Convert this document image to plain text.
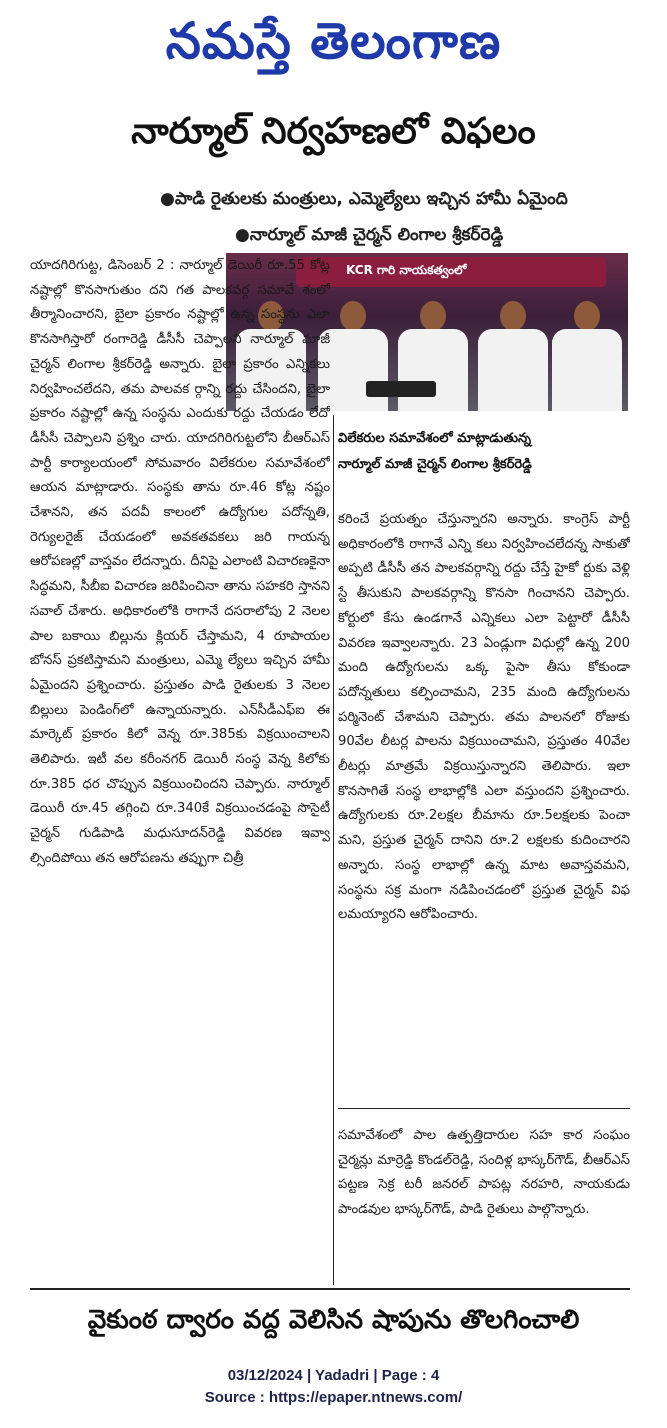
నమస్తే తెలంగాణ
నార్మూల్ నిర్వహణలో విఫలం
●పాడి రైతులకు మంత్రులు, ఎమ్మెల్యేలు ఇచ్చిన హామీ ఏమైంది
●నార్మూల్ మాజీ చైర్మన్ లింగాల శ్రీకర్‌రెడ్డి
KCR గారి నాయకత్వంలో
విలేకరుల సమావేశంలో మాట్లాడుతున్న
నార్మూల్ మాజీ చైర్మన్ లింగాల శ్రీకర్‌రెడ్డి
యాదగిరిగుట్ట, డిసెంబర్ 2 : నార్మూల్ డెయిరీ రూ.55 కోట్ల నష్టాల్లో కొనసాగుతుం దని గత పాలకవర్గ సమావే శంలో తీర్మానించారని, బైలా ప్రకారం నష్టాల్లో ఉన్న సంస్థను ఎలా కొనసాగిస్తారో రంగారెడ్డి డీసీసీ చెప్పాలని నార్మూల్ మాజీ చైర్మన్ లింగాల శ్రీకర్‌రెడ్డి అన్నారు. బైలా ప్రకారం ఎన్నికలు నిర్వహించలేదని, తమ పాలవక ర్గాన్ని రద్దు చేసిందని, బైలా ప్రకారం నష్టాల్లో ఉన్న సంస్థను ఎందుకు రద్దు చేయడం లేదో డీసీసీ చెప్పాలని ప్రశ్నిం చారు. యాదగిరిగుట్టలోని బీఆర్ఎస్ పార్టీ కార్యాలయంలో సోమవారం విలేకరుల సమావేశంలో ఆయన మాట్లాడారు. సంస్థకు తాను రూ.46 కోట్ల నష్టం చేశానని, తన పదవీ కాలంలో ఉద్యోగుల పదోన్నతి, రెగ్యులరైజ్ చేయడంలో అవకతవకలు జరి గాయన్న ఆరోపణల్లో వాస్తవం లేదన్నారు. దీనిపై ఎలాంటి విచారణకైనా సిద్ధమని, సీబీఐ విచారణ జరిపించినా తాను సహకరి స్తానని సవాల్ చేశారు. అధికారంలోకి రాగానే దసరాలోపు 2 నెలల పాల బకాయి బిల్లును క్లియర్ చేస్తామని, 4 రూపాయల బోనస్ ప్రకటిస్తామని మంత్రులు, ఎమ్మె ల్యేలు ఇచ్చిన హామీ ఏమైందని ప్రశ్నించారు. ప్రస్తుతం పాడి రైతులకు 3 నెలల బిల్లులు పెండింగ్‌లో ఉన్నాయన్నారు. ఎన్‌సీడీఎఫ్ఐ ఈ మార్కెట్ ప్రకారం కిలో వెన్న రూ.385కు విక్రయించాలని తెలిపారు. ఇటీ వల కరీంనగర్ డెయిరీ సంస్థ వెన్న కిలోకు రూ.385 ధర చొప్పున విక్రయించిందని చెప్పారు. నార్మూల్ డెయిరీ రూ.45 తగ్గించి రూ.340కే విక్రయించడంపై సొసైటీ చైర్మన్ గుడిపాడి మధుసూదన్‌రెడ్డి వివరణ ఇవ్వా ల్సిందిపోయి తన ఆరోపణను తప్పుగా చిత్రీ
కరించే ప్రయత్నం చేస్తున్నారని అన్నారు. కాంగ్రెస్ పార్టీ అధికారంలోకి రాగానే ఎన్ని కలు నిర్వహించలేదన్న సాకుతో అప్పటి డీసీసీ తన పాలకవర్గాన్ని రద్దు చేస్తే హైకో ర్టుకు వెళ్లి స్టే తీసుకుని పాలకవర్గాన్ని కొనసా గించానని చెప్పారు. కోర్టులో కేసు ఉండగానే ఎన్నికలు ఎలా పెట్టారో డీసీసీ వివరణ ఇవ్వాలన్నారు. 23 ఏండ్లుగా విధుల్లో ఉన్న 200 మంది ఉద్యోగులను ఒక్క పైసా తీసు కోకుండా పదోన్నతులు కల్పించామని, 235 మంది ఉద్యోగులను పర్మినెంట్ చేశామని చెప్పారు. తమ పాలనలో రోజుకు 90వేల లీటర్ల పాలను విక్రయించామని, ప్రస్తుతం 40వేల లీటర్లు మాత్రమే విక్రయిస్తున్నారని తెలిపారు. ఇలా కొనసాగితే సంస్థ లాభాల్లోకి ఎలా వస్తుందని ప్రశ్నించారు. ఉద్యోగులకు రూ.2లక్షల బీమాను రూ.5లక్షలకు పెంచా మని, ప్రస్తుత చైర్మన్ దానిని రూ.2 లక్షలకు కుదించారని అన్నారు. సంస్థ లాభాల్లో ఉన్న మాట అవాస్తవమని, సంస్థను సక్ర మంగా నడిపించడంలో ప్రస్తుత చైర్మన్ విఫ లమయ్యారని ఆరోపించారు.
సమావేశంలో పాల ఉత్పత్తిదారుల సహ కార సంఘం చైర్మన్లు మార్రెడ్డి కొండల్‌రెడ్డి, సందిళ్ల భాస్కర్‌గౌడ్, బీఆర్ఎస్ పట్టణ సెక్ర టరీ జనరల్ పాపట్ల నరహరి, నాయకుడు పాండవుల భాస్కర్‌గౌడ్, పాడి రైతులు పాల్గొన్నారు.
వైకుంఠ ద్వారం వద్ద వెలిసిన షాపును తొలగించాలి
03/12/2024 | Yadadri | Page : 4
Source : https://epaper.ntnews.com/
